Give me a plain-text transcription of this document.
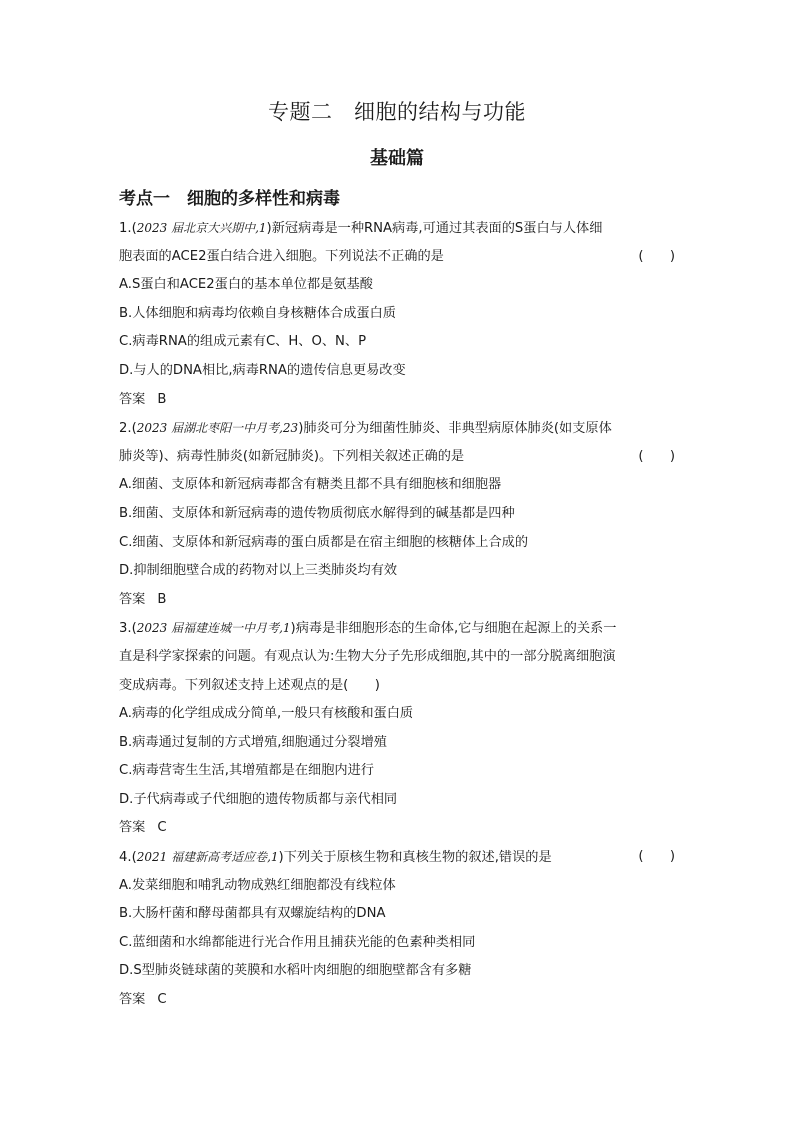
专题二　细胞的结构与功能
基础篇
考点一　细胞的多样性和病毒
1.(2023 届北京大兴期中,1)新冠病毒是一种RNA病毒,可通过其表面的S蛋白与人体细
胞表面的ACE2蛋白结合进入细胞。下列说法不正确的是	(　　)
A.S蛋白和ACE2蛋白的基本单位都是氨基酸
B.人体细胞和病毒均依赖自身核糖体合成蛋白质
C.病毒RNA的组成元素有C、H、O、N、P
D.与人的DNA相比,病毒RNA的遗传信息更易改变
答案 B
2.(2023 届湖北枣阳一中月考,23)肺炎可分为细菌性肺炎、非典型病原体肺炎(如支原体
肺炎等)、病毒性肺炎(如新冠肺炎)。下列相关叙述正确的是	(　　)
A.细菌、支原体和新冠病毒都含有糖类且都不具有细胞核和细胞器
B.细菌、支原体和新冠病毒的遗传物质彻底水解得到的碱基都是四种
C.细菌、支原体和新冠病毒的蛋白质都是在宿主细胞的核糖体上合成的
D.抑制细胞壁合成的药物对以上三类肺炎均有效
答案 B
3.(2023 届福建连城一中月考,1)病毒是非细胞形态的生命体,它与细胞在起源上的关系一
直是科学家探索的问题。有观点认为:生物大分子先形成细胞,其中的一部分脱离细胞演
变成病毒。下列叙述支持上述观点的是(　　)
A.病毒的化学组成成分简单,一般只有核酸和蛋白质
B.病毒通过复制的方式增殖,细胞通过分裂增殖
C.病毒营寄生生活,其增殖都是在细胞内进行
D.子代病毒或子代细胞的遗传物质都与亲代相同
答案 C
4.(2021 福建新高考适应卷,1)下列关于原核生物和真核生物的叙述,错误的是	(　　)
A.发菜细胞和哺乳动物成熟红细胞都没有线粒体
B.大肠杆菌和酵母菌都具有双螺旋结构的DNA
C.蓝细菌和水绵都能进行光合作用且捕获光能的色素种类相同
D.S型肺炎链球菌的荚膜和水稻叶肉细胞的细胞壁都含有多糖
答案 C
